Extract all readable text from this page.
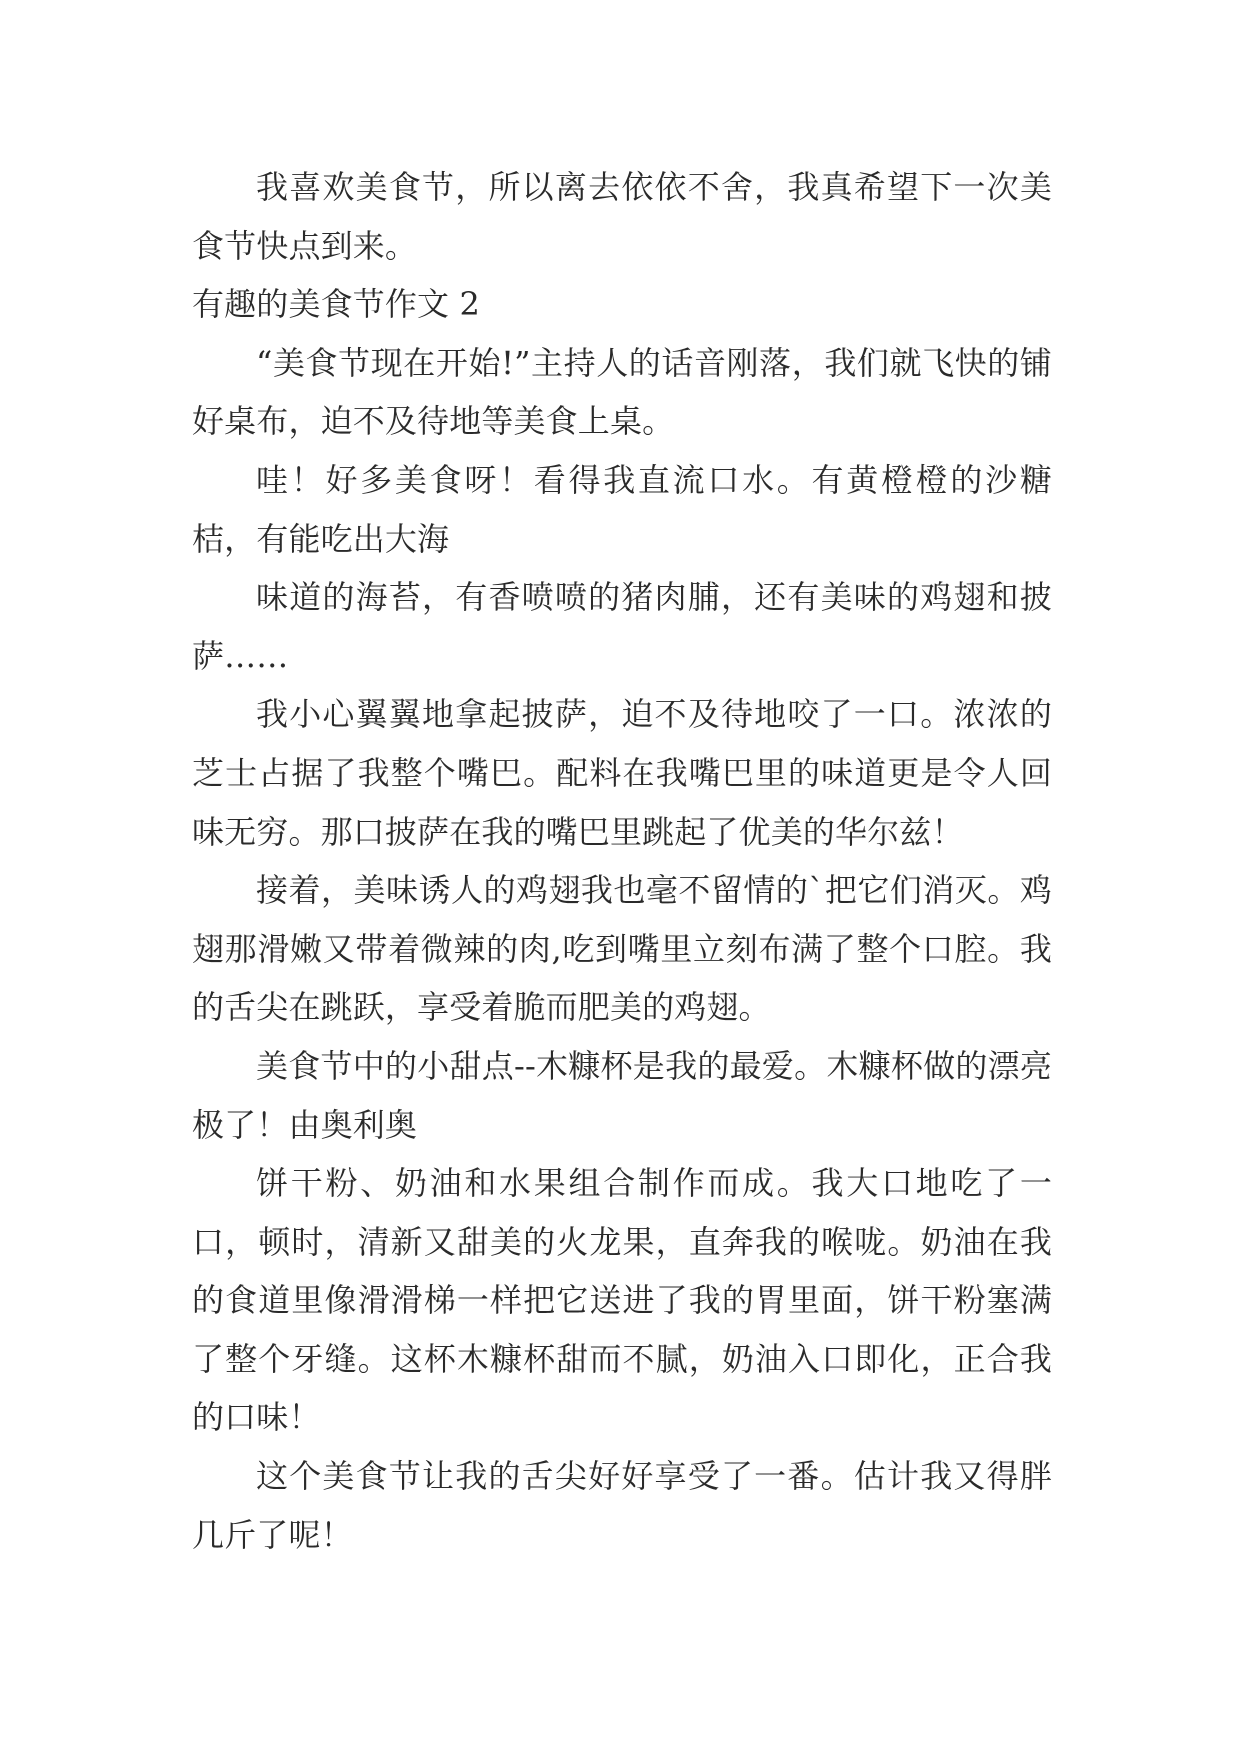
我喜欢美食节，所以离去依依不舍，我真希望下一次美食节快点到来。

有趣的美食节作文 2

“美食节现在开始!”主持人的话音刚落，我们就飞快的铺好桌布，迫不及待地等美食上桌。

哇！好多美食呀！看得我直流口水。有黄橙橙的沙糖桔，有能吃出大海

味道的海苔，有香喷喷的猪肉脯，还有美味的鸡翅和披萨……

我小心翼翼地拿起披萨，迫不及待地咬了一口。浓浓的芝士占据了我整个嘴巴。配料在我嘴巴里的味道更是令人回味无穷。那口披萨在我的嘴巴里跳起了优美的华尔兹！

接着，美味诱人的鸡翅我也毫不留情的`把它们消灭。鸡翅那滑嫩又带着微辣的肉,吃到嘴里立刻布满了整个口腔。我的舌尖在跳跃，享受着脆而肥美的鸡翅。

美食节中的小甜点--木糠杯是我的最爱。木糠杯做的漂亮极了！由奥利奥

饼干粉、奶油和水果组合制作而成。我大口地吃了一口，顿时，清新又甜美的火龙果，直奔我的喉咙。奶油在我的食道里像滑滑梯一样把它送进了我的胃里面，饼干粉塞满了整个牙缝。这杯木糠杯甜而不腻，奶油入口即化，正合我的口味！

这个美食节让我的舌尖好好享受了一番。估计我又得胖几斤了呢！
